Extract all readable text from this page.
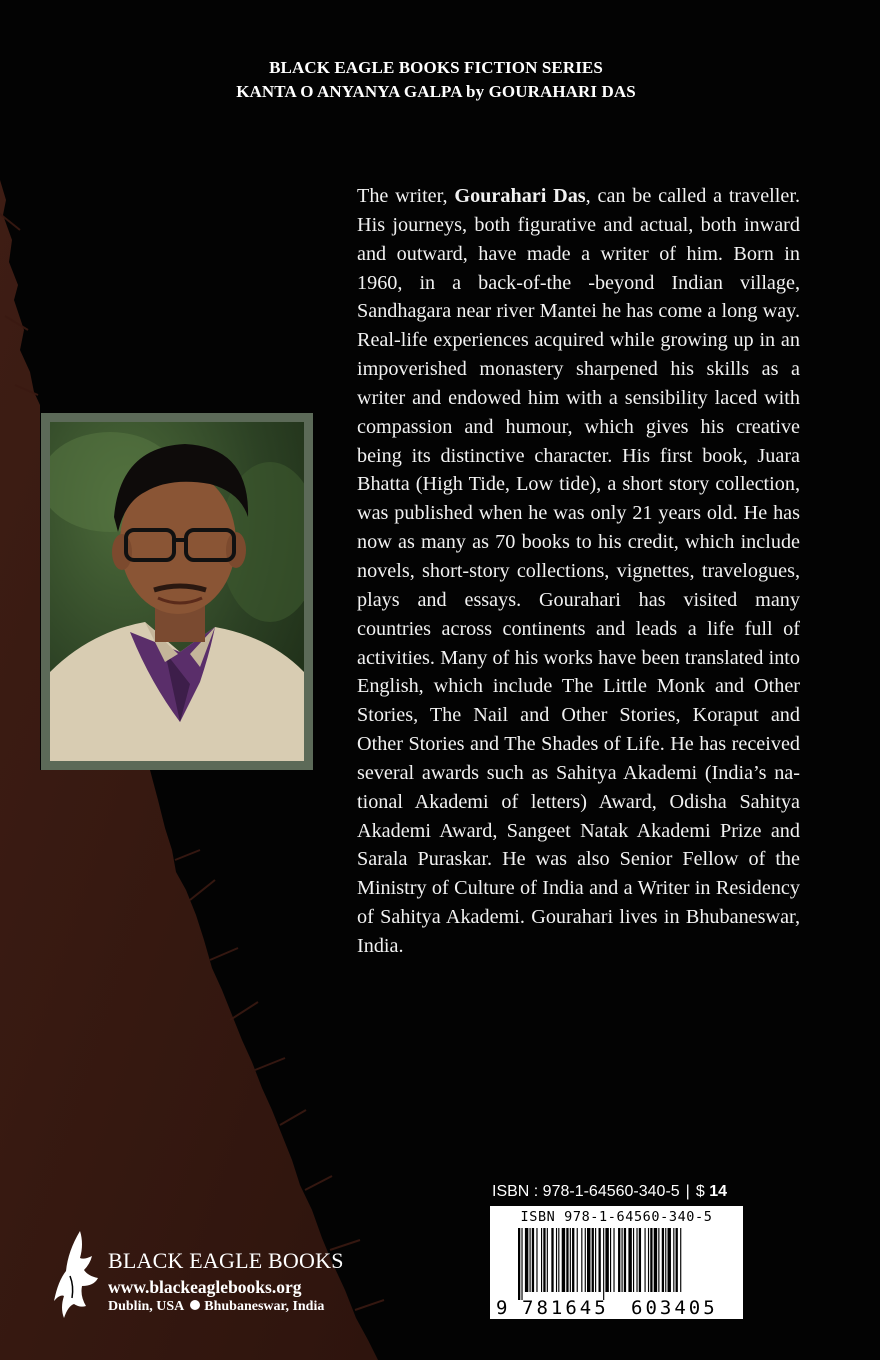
BLACK EAGLE BOOKS FICTION SERIES
KANTA O ANYANYA GALPA by GOURAHARI DAS

The writer, Gourahari Das, can be called a traveller. His journeys, both figurative and actual, both inward and outward, have made a writer of him. Born in 1960, in a back-of-the -beyond Indian village, Sandhagara near river Mantei he has come a long way. Real-life experiences acquired while growing up in an impoverished monastery sharpened his skills as a writer and endowed him with a sensibility laced with compassion and humour, which gives his creative being its distinctive character. His first book, Juara Bhatta (High Tide, Low tide), a short story collection, was published when he was only 21 years old. He has now as many as 70 books to his credit, which include novels, short-story collections, vignettes, travelogues, plays and essays. Gourahari has visited many countries across continents and leads a life full of activities. Many of his works have been translated into English, which include The Little Monk and Other Stories, The Nail and Other Stories, Koraput and Other Stories and The Shades of Life. He has received several awards such as Sahitya Akademi (India’s national Akademi of letters) Award, Odisha Sahitya Akademi Award, Sangeet Natak Akademi Prize and Sarala Puraskar. He was also Senior Fellow of the Ministry of Culture of India and a Writer in Residency of Sahitya Akademi. Gourahari lives in Bhubaneswar, India.

BLACK EAGLE BOOKS
www.blackeaglebooks.org
Dublin, USA Bhubaneswar, India
ISBN : 978-1-64560-340-5 | $ 14
ISBN 978-1-64560-340-5
9 781645 603405
